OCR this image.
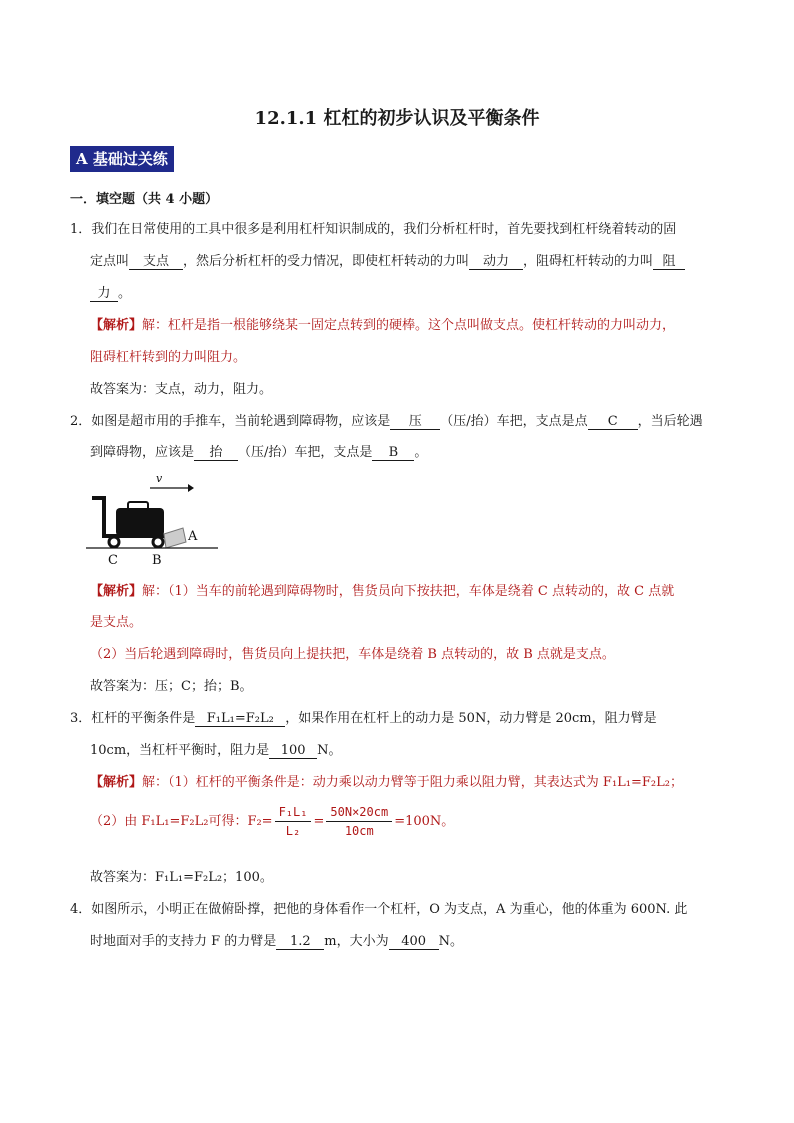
12.1.1 杠杠的初步认识及平衡条件
A 基础过关练
一．填空题（共 4 小题）
1．我们在日常使用的工具中很多是利用杠杆知识制成的，我们分析杠杆时，首先要找到杠杆绕着转动的固
定点叫 支点 ，然后分析杠杆的受力情况，即使杠杆转动的力叫 动力 ，阻碍杠杆转动的力叫 阻
力 。
【解析】解：杠杆是指一根能够绕某一固定点转到的硬棒。这个点叫做支点。使杠杆转动的力叫动力，
阻碍杠杆转到的力叫阻力。
故答案为：支点，动力，阻力。
2．如图是超市用的手推车，当前轮遇到障碍物，应该是 压 （压/抬）车把，支点是点 C ，当后轮遇
到障碍物，应该是 抬 （压/抬）车把，支点是 B 。
v
A
C	B
【解析】解：（1）当车的前轮遇到障碍物时，售货员向下按扶把，车体是绕着 C 点转动的，故 C 点就
是支点。
（2）当后轮遇到障碍时，售货员向上提扶把，车体是绕着 B 点转动的，故 B 点就是支点。
故答案为：压；C；抬；B。
3．杠杆的平衡条件是 F₁L₁=F₂L₂ ，如果作用在杠杆上的动力是 50N，动力臂是 20cm，阻力臂是
10cm，当杠杆平衡时，阻力是 100 N。
【解析】解：（1）杠杆的平衡条件是：动力乘以动力臂等于阻力乘以阻力臂，其表达式为 F₁L₁=F₂L₂；
（2）由 F₁L₁=F₂L₂可得：$F_2= \frac{\text{F₁L₁}}{\text{L₂}} = \frac{50N\times 20cm}{10cm} =100N$。
故答案为：F₁L₁=F₂L₂；100。
4．如图所示，小明正在做俯卧撑，把他的身体看作一个杠杆，O 为支点，A 为重心，他的体重为 600N. 此
时地面对手的支持力 F 的力臂是 1.2 m，大小为 400 N。
